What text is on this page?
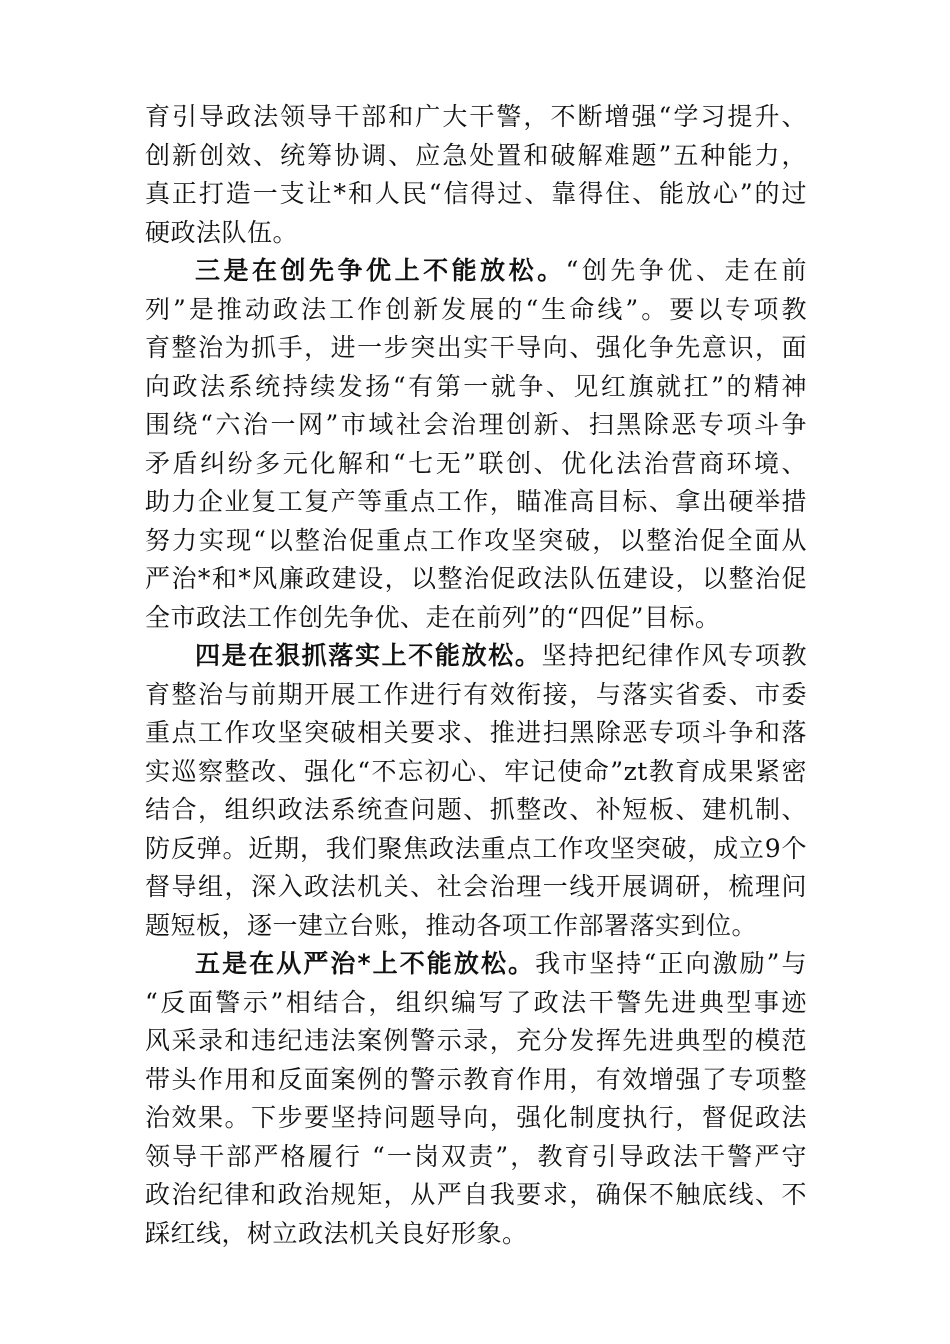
育引导政法领导干部和广大干警，不断增强“学习提升、
创新创效、统筹协调、应急处置和破解难题”五种能力，
真正打造一支让*和人民“信得过、靠得住、能放心”的过
硬政法队伍。
三是在创先争优上不能放松。“创先争优、走在前
列”是推动政法工作创新发展的“生命线”。要以专项教
育整治为抓手，进一步突出实干导向、强化争先意识，面
向政法系统持续发扬“有第一就争、见红旗就扛”的精神
围绕“六治一网”市域社会治理创新、扫黑除恶专项斗争
矛盾纠纷多元化解和“七无”联创、优化法治营商环境、
助力企业复工复产等重点工作，瞄准高目标、拿出硬举措
努力实现“以整治促重点工作攻坚突破，以整治促全面从
严治*和*风廉政建设，以整治促政法队伍建设，以整治促
全市政法工作创先争优、走在前列”的“四促”目标。
四是在狠抓落实上不能放松。坚持把纪律作风专项教
育整治与前期开展工作进行有效衔接，与落实省委、市委
重点工作攻坚突破相关要求、推进扫黑除恶专项斗争和落
实巡察整改、强化“不忘初心、牢记使命”zt教育成果紧密
结合，组织政法系统查问题、抓整改、补短板、建机制、
防反弹。近期，我们聚焦政法重点工作攻坚突破，成立9个
督导组，深入政法机关、社会治理一线开展调研，梳理问
题短板，逐一建立台账，推动各项工作部署落实到位。
五是在从严治*上不能放松。我市坚持“正向激励”与
“反面警示”相结合，组织编写了政法干警先进典型事迹
风采录和违纪违法案例警示录，充分发挥先进典型的模范
带头作用和反面案例的警示教育作用，有效增强了专项整
治效果。下步要坚持问题导向，强化制度执行，督促政法
领导干部严格履行 “一岗双责”，教育引导政法干警严守
政治纪律和政治规矩，从严自我要求，确保不触底线、不
踩红线，树立政法机关良好形象。
